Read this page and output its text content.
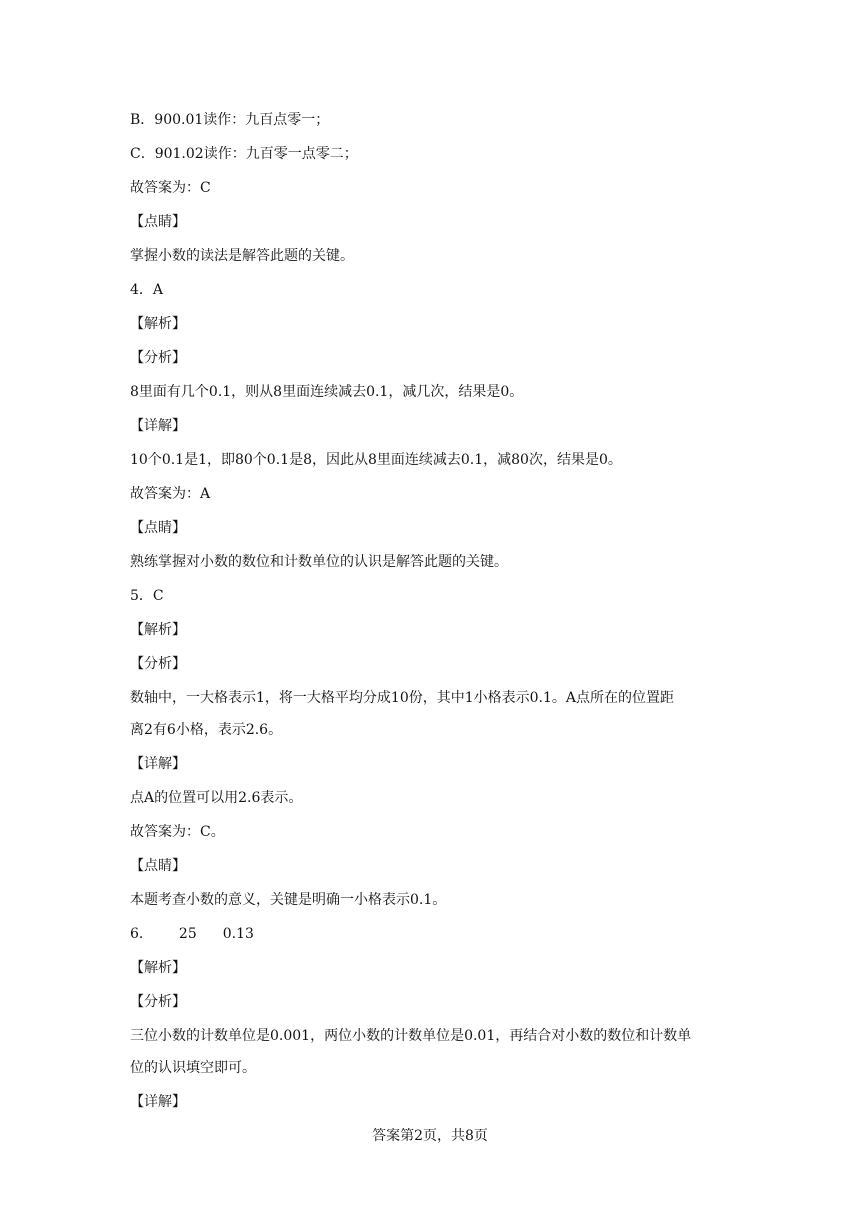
B．900.01读作：九百点零一；
C．901.02读作：九百零一点零二；
故答案为：C
【点睛】
掌握小数的读法是解答此题的关键。
4．A
【解析】
【分析】
8里面有几个0.1，则从8里面连续减去0.1，减几次，结果是0。
【详解】
10个0.1是1，即80个0.1是8，因此从8里面连续减去0.1，减80次，结果是0。
故答案为：A
【点睛】
熟练掌握对小数的数位和计数单位的认识是解答此题的关键。
5．C
【解析】
【分析】
数轴中，一大格表示1，将一大格平均分成10份，其中1小格表示0.1。A点所在的位置距
离2有6小格，表示2.6。
【详解】
点A的位置可以用2.6表示。
故答案为：C。
【点睛】
本题考查小数的意义，关键是明确一小格表示0.1。
6． 25 0.13
【解析】
【分析】
三位小数的计数单位是0.001，两位小数的计数单位是0.01，再结合对小数的数位和计数单
位的认识填空即可。
【详解】
答案第2页，共8页
